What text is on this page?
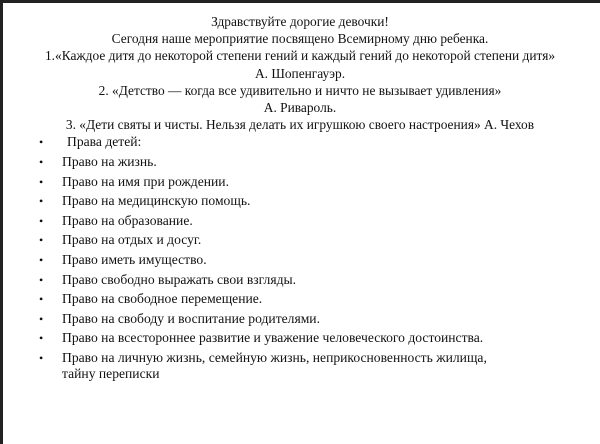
Здравствуйте дорогие девочки!
Сегодня наше мероприятие посвящено Всемирному дню ребенка.
1.«Каждое дитя до некоторой степени гений и каждый гений до некоторой степени дитя»
А. Шопенгауэр.
2. «Детство — когда все удивительно и ничто не вызывает удивления»
А. Ривароль.
3. «Дети святы и чисты. Нельзя делать их игрушкою своего настроения» А. Чехов
• Права детей:
• Право на жизнь.
• Право на имя при рождении.
• Право на медицинскую помощь.
• Право на образование.
• Право на отдых и досуг.
• Право иметь имущество.
• Право свободно выражать свои взгляды.
• Право на свободное перемещение.
• Право на свободу и воспитание родителями.
• Право на всестороннее развитие и уважение человеческого достоинства.
• Право на личную жизнь, семейную жизнь, неприкосновенность жилища,
тайну переписки
